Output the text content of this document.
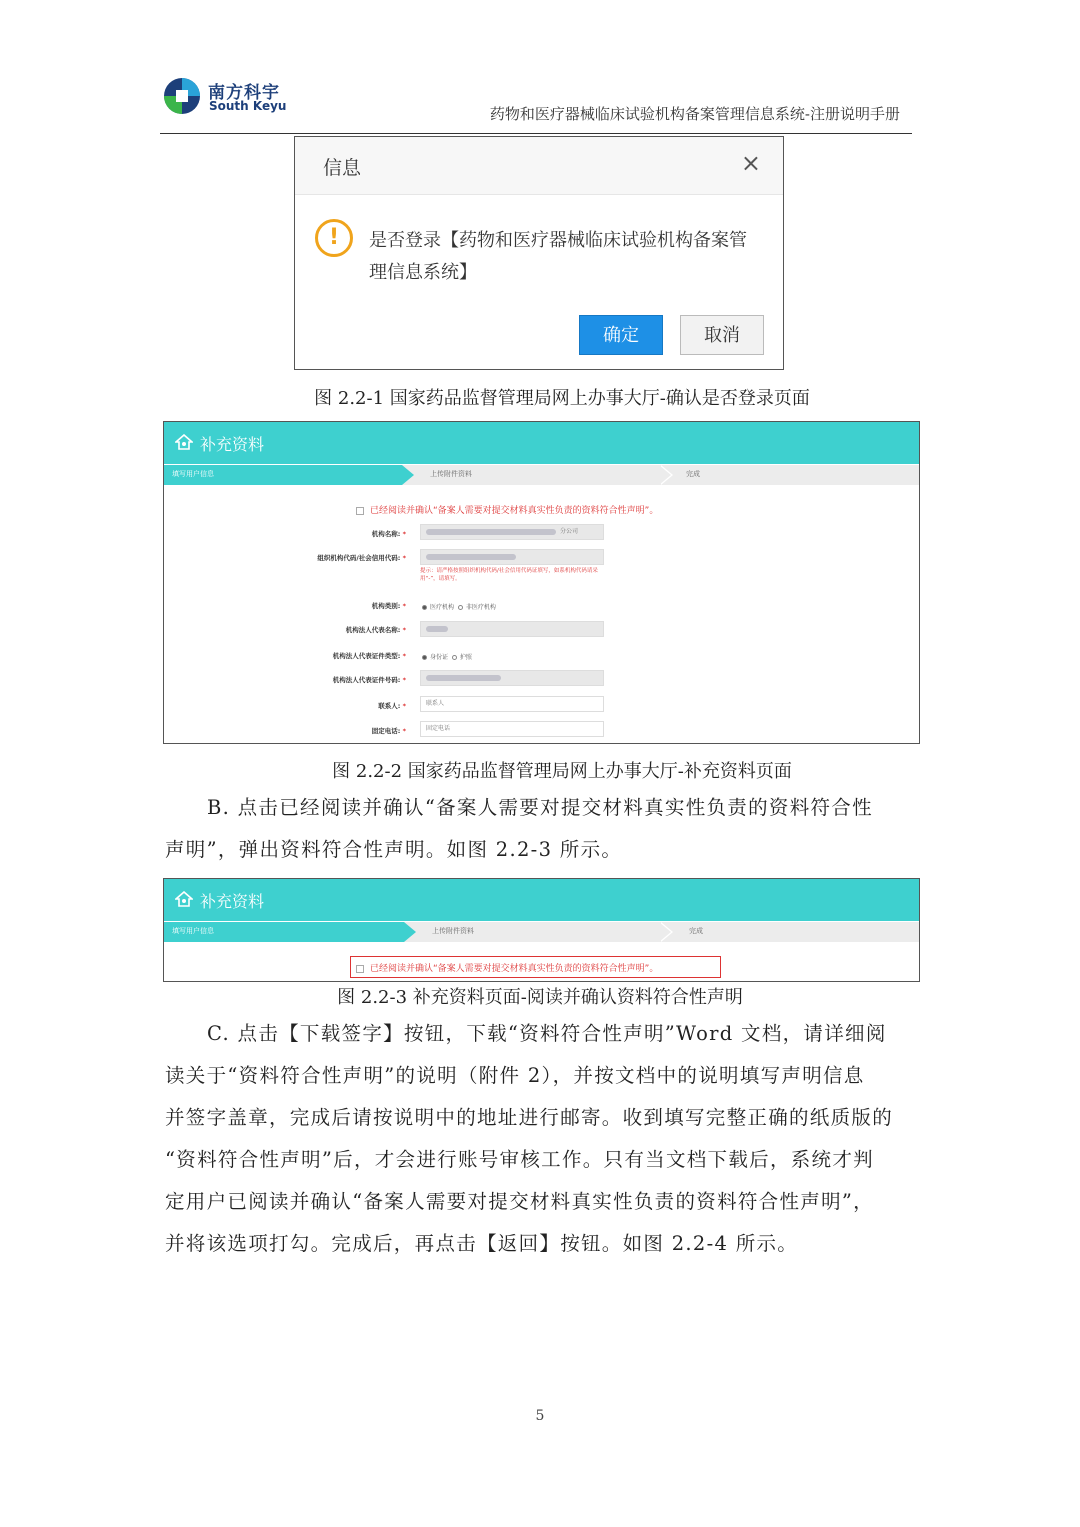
南方科宇
South Keyu	药物和医疗器械临床试验机构备案管理信息系统-注册说明手册
信息	×
!	是否登录【药物和医疗器械临床试验机构备案管理信息系统】
确定	取消
图 2.2-1 国家药品监督管理局网上办事大厅-确认是否登录页面
补充资料
填写用户信息	上传附件资料	完成
已经阅读并确认“备案人需要对提交材料真实性负责的资料符合性声明”。
机构名称: *	分公司
组织机构代码/社会信用代码: *
提示：请严格按照组织机构代码/社会信用代码证填写，如系机构代码请采用“-”，请填写。
机构类别: *	医疗机构 非医疗机构
机构法人代表名称: *
机构法人代表证件类型: *	身份证 护照
机构法人代表证件号码: *
联系人: *	联系人
固定电话: *	固定电话
图 2.2-2 国家药品监督管理局网上办事大厅-补充资料页面
B. 点击已经阅读并确认“备案人需要对提交材料真实性负责的资料符合性
声明”，弹出资料符合性声明。如图 2.2-3 所示。
补充资料
填写用户信息	上传附件资料	完成
已经阅读并确认“备案人需要对提交材料真实性负责的资料符合性声明”。
图 2.2-3 补充资料页面-阅读并确认资料符合性声明
C. 点击【下载签字】按钮，下载“资料符合性声明”Word 文档，请详细阅
读关于“资料符合性声明”的说明（附件 2），并按文档中的说明填写声明信息
并签字盖章，完成后请按说明中的地址进行邮寄。收到填写完整正确的纸质版的
“资料符合性声明”后，才会进行账号审核工作。只有当文档下载后，系统才判
定用户已阅读并确认“备案人需要对提交材料真实性负责的资料符合性声明”，
并将该选项打勾。完成后，再点击【返回】按钮。如图 2.2-4 所示。
5
